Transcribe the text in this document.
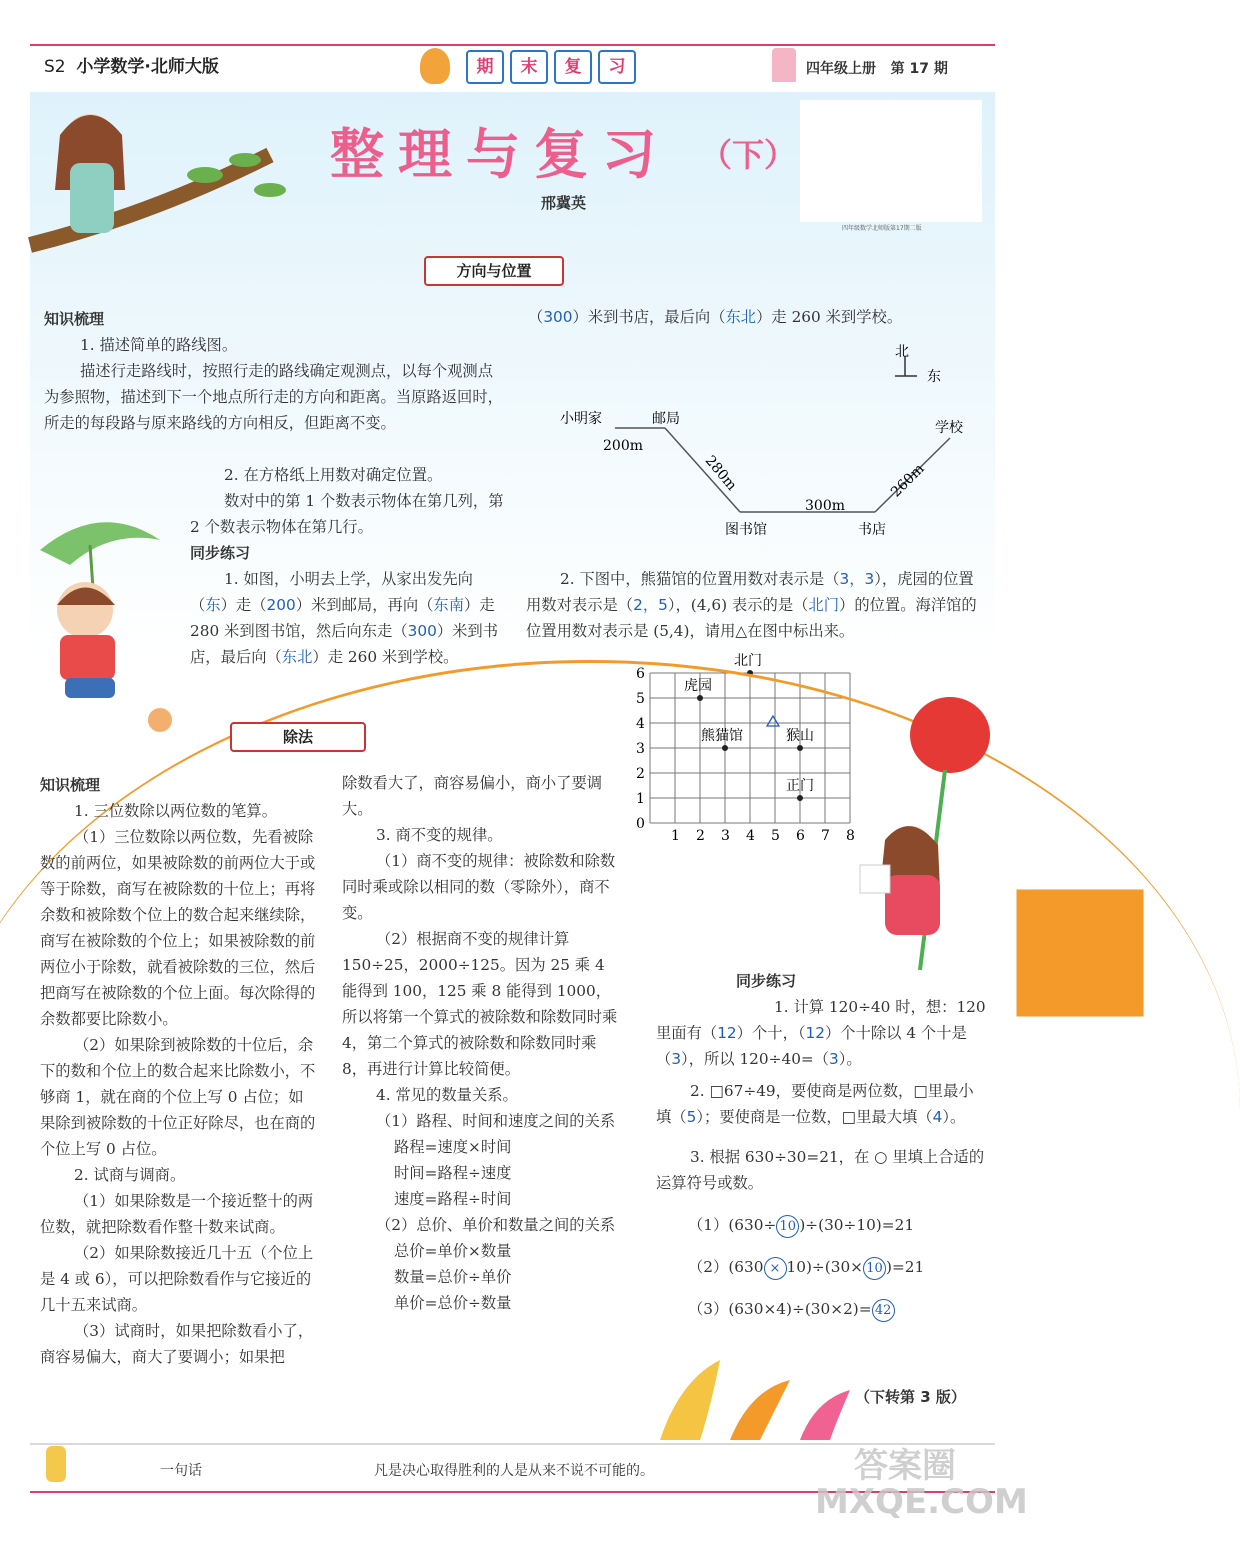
S2 小学数学·北师大版	期	末	复	习	四年级上册 第 17 期
整理与复习 （下）
邢冀英
四年级数学北师版第17期二版
方向与位置

知识梳理

1. 描述简单的路线图。

描述行走路线时，按照行走的路线确定观测点，以每个观测点为参照物，描述到下一个地点所行走的方向和距离。当原路返回时，所走的每段路与原来路线的方向相反，但距离不变。

2. 在方格纸上用数对确定位置。

数对中的第 1 个数表示物体在第几列，第 2 个数表示物体在第几行。

同步练习

1. 如图，小明去上学，从家出发先向（东）走（200）米到邮局，再向（东南）走 280 米到图书馆，然后向东走（300）米到书店，最后向（东北）走 260 米到学校。

北
东
小明家	邮局
图书馆	书店
学校
200m
280m
300m
260m

（300）米到书店，最后向（东北）走 260 米到学校。

2. 下图中，熊猫馆的位置用数对表示是（3，3），虎园的位置用数对表示是（2，5），(4,6) 表示的是（北门）的位置。海洋馆的位置用数对表示是 (5,4)，请用△在图中标出来。

1 2 3 4 5 6 7 8
0
1
2
3
4
5
6
北门
虎园
熊猫馆	猴山
正门
除法

知识梳理

1. 三位数除以两位数的笔算。

（1）三位数除以两位数，先看被除数的前两位，如果被除数的前两位大于或等于除数，商写在被除数的十位上；再将余数和被除数个位上的数合起来继续除，商写在被除数的个位上；如果被除数的前两位小于除数，就看被除数的三位，然后把商写在被除数的个位上面。每次除得的余数都要比除数小。

（2）如果除到被除数的十位后，余下的数和个位上的数合起来比除数小，不够商 1，就在商的个位上写 0 占位；如果除到被除数的十位正好除尽，也在商的个位上写 0 占位。

2. 试商与调商。

（1）如果除数是一个接近整十的两位数，就把除数看作整十数来试商。

（2）如果除数接近几十五（个位上是 4 或 6），可以把除数看作与它接近的几十五来试商。

（3）试商时，如果把除数看小了，商容易偏大，商大了要调小；如果把

除数看大了，商容易偏小，商小了要调大。

3. 商不变的规律。

（1）商不变的规律：被除数和除数同时乘或除以相同的数（零除外），商不变。

（2）根据商不变的规律计算 150÷25，2000÷125。因为 25 乘 4 能得到 100，125 乘 8 能得到 1000，所以将第一个算式的被除数和除数同时乘 4，第二个算式的被除数和除数同时乘 8，再进行计算比较简便。

4. 常见的数量关系。

（1）路程、时间和速度之间的关系

路程=速度×时间

时间=路程÷速度

速度=路程÷时间

（2）总价、单价和数量之间的关系

总价=单价×数量

数量=总价÷单价

单价=总价÷数量

同步练习

1. 计算 120÷40 时，想：120 里面有（12）个十，（12）个十除以 4 个十是（3），所以 120÷40=（3）。

2. □67÷49，要使商是两位数，□里最小填（5）；要使商是一位数，□里最大填（4）。

3. 根据 630÷30=21，在 ○ 里填上合适的运算符号或数。

（1）(630÷ 10 )÷(30÷10)=21

（2）(630 × 10)÷(30× 10 )=21

（3）(630×4)÷(30×2)= 42

（下转第 3 版）
一句话	凡是决心取得胜利的人是从来不说不可能的。	答案圈 MXQE.COM
